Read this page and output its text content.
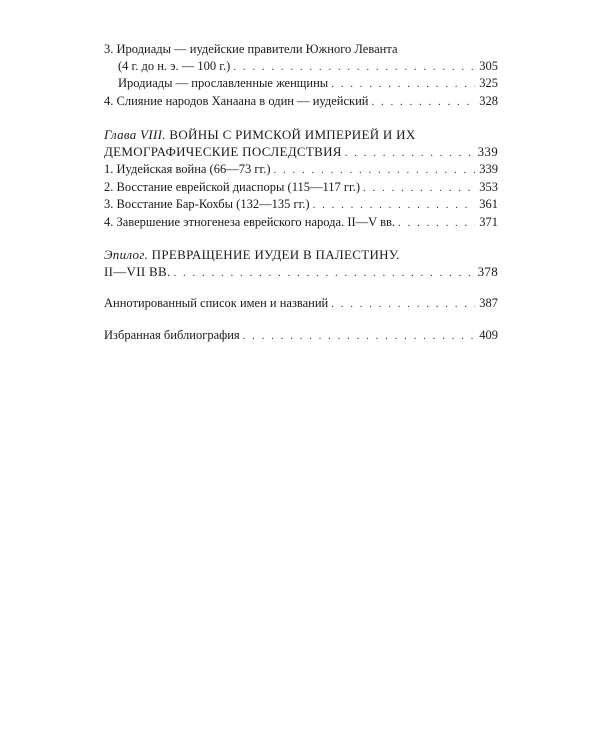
3. Иродиады — иудейские правители Южного Леванта
(4 г. до н. э. — 100 г.) . . .	305
Иродиады — прославленные женщины . . .	325
4. Слияние народов Ханаана в один — иудейский . . .	328
Глава VIII. ВОЙНЫ С РИМСКОЙ ИМПЕРИЕЙ И ИХ
ДЕМОГРАФИЧЕСКИЕ ПОСЛЕДСТВИЯ . . .	339
1. Иудейская война (66—73 гг.) . . .	339
2. Восстание еврейской диаспоры (115—117 гг.) . . .	353
3. Восстание Бар-Кохбы (132—135 гг.) . . .	361
4. Завершение этногенеза еврейского народа. II—V вв. . . .	371
Эпилог. ПРЕВРАЩЕНИЕ ИУДЕИ В ПАЛЕСТИНУ.
II—VII ВВ. . . .	378
Аннотированный список имен и названий . . .	387
Избранная библиография . . .	409
